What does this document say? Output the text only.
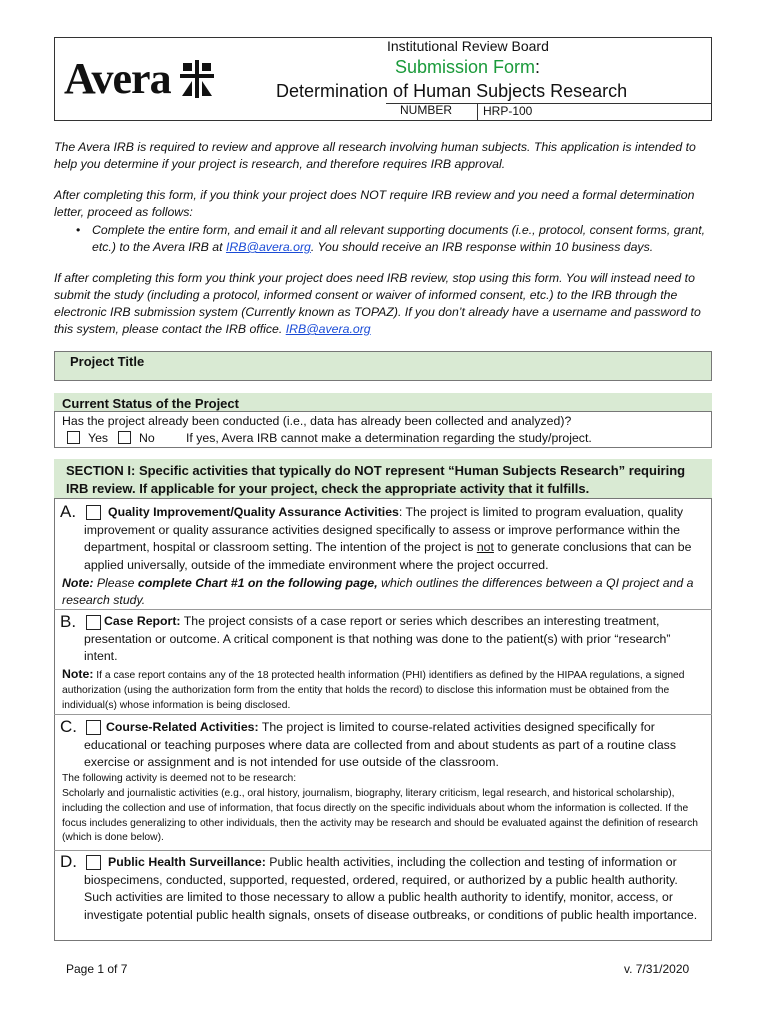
Avera
Institutional Review Board
Submission Form:
Determination of Human Subjects Research
NUMBER	HRP-100
The Avera IRB is required to review and approve all research involving human subjects. This application is intended to help you determine if your project is research, and therefore requires IRB approval.
After completing this form, if you think your project does NOT require IRB review and you need a formal determination letter, proceed as follows:
• Complete the entire form, and email it and all relevant supporting documents (i.e., protocol, consent forms, grant, etc.) to the Avera IRB at IRB@avera.org. You should receive an IRB response within 10 business days.
If after completing this form you think your project does need IRB review, stop using this form. You will instead need to submit the study (including a protocol, informed consent or waiver of informed consent, etc.) to the IRB through the electronic IRB submission system (Currently known as TOPAZ). If you don’t already have a username and password to this system, please contact the IRB office. IRB@avera.org
Project Title
Current Status of the Project
Has the project already been conducted (i.e., data has already been collected and analyzed)?
Yes	No	If yes, Avera IRB cannot make a determination regarding the study/project.
SECTION I: Specific activities that typically do NOT represent “Human Subjects Research” requiring IRB review. If applicable for your project, check the appropriate activity that it fulfills.
A.	Quality Improvement/Quality Assurance Activities: The project is limited to program evaluation, quality improvement or quality assurance activities designed specifically to assess or improve performance within the department, hospital or classroom setting. The intention of the project is not to generate conclusions that can be applied universally, outside of the immediate environment where the project occurred.
Note: Please complete Chart #1 on the following page, which outlines the differences between a QI project and a research study.
B.	Case Report: The project consists of a case report or series which describes an interesting treatment, presentation or outcome. A critical component is that nothing was done to the patient(s) with prior “research” intent.
Note: If a case report contains any of the 18 protected health information (PHI) identifiers as defined by the HIPAA regulations, a signed authorization (using the authorization form from the entity that holds the record) to disclose this information must be obtained from the individual(s) whose information is being disclosed.
C.	Course-Related Activities: The project is limited to course-related activities designed specifically for educational or teaching purposes where data are collected from and about students as part of a routine class exercise or assignment and is not intended for use outside of the classroom.
The following activity is deemed not to be research:
Scholarly and journalistic activities (e.g., oral history, journalism, biography, literary criticism, legal research, and historical scholarship), including the collection and use of information, that focus directly on the specific individuals about whom the information is collected. If the focus includes generalizing to other individuals, then the activity may be research and should be evaluated against the definition of research (which is done below).
D.	Public Health Surveillance: Public health activities, including the collection and testing of information or biospecimens, conducted, supported, requested, ordered, required, or authorized by a public health authority. Such activities are limited to those necessary to allow a public health authority to identify, monitor, access, or investigate potential public health signals, onsets of disease outbreaks, or conditions of public health importance.
Page 1 of 7	v. 7/31/2020
